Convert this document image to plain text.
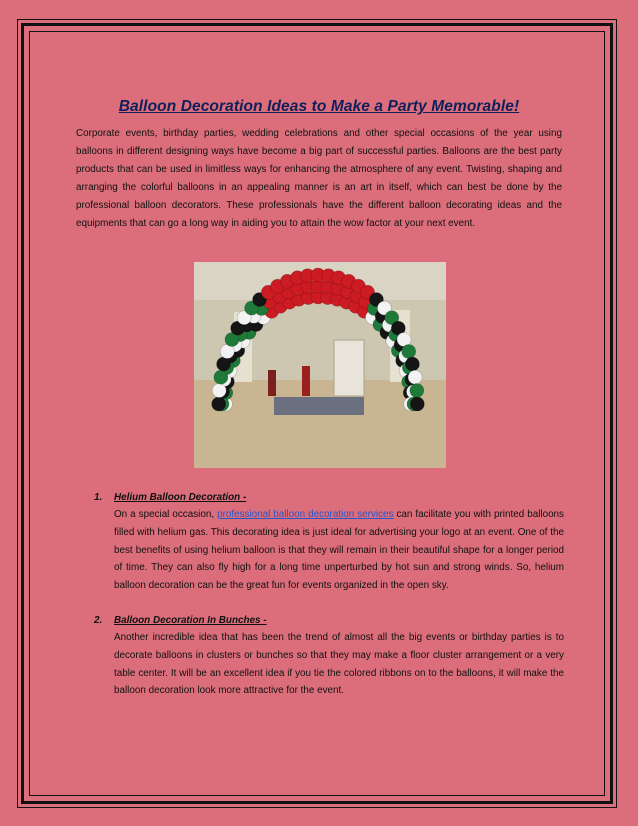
Balloon Decoration Ideas to Make a Party Memorable!

Corporate events, birthday parties, wedding celebrations and other special occasions of the year using balloons in different designing ways have become a big part of successful parties. Balloons are the best party products that can be used in limitless ways for enhancing the atmosphere of any event. Twisting, shaping and arranging the colorful balloons in an appealing manner is an art in itself, which can best be done by the professional balloon decorators. These professionals have the different balloon decorating ideas and the equipments that can go a long way in aiding you to attain the wow factor at your next event.

1.	Helium Balloon Decoration -
On a special occasion, professional balloon decoration services can facilitate you with printed balloons filled with helium gas. This decorating idea is just ideal for advertising your logo at an event. One of the best benefits of using helium balloon is that they will remain in their beautiful shape for a longer period of time. They can also fly high for a long time unperturbed by hot sun and strong winds. So, helium balloon decoration can be the great fun for events organized in the open sky.
2.	Balloon Decoration In Bunches -
Another incredible idea that has been the trend of almost all the big events or birthday parties is to decorate balloons in clusters or bunches so that they may make a floor cluster arrangement or a very table center. It will be an excellent idea if you tie the colored ribbons on to the balloons, it will make the balloon decoration look more attractive for the event.
